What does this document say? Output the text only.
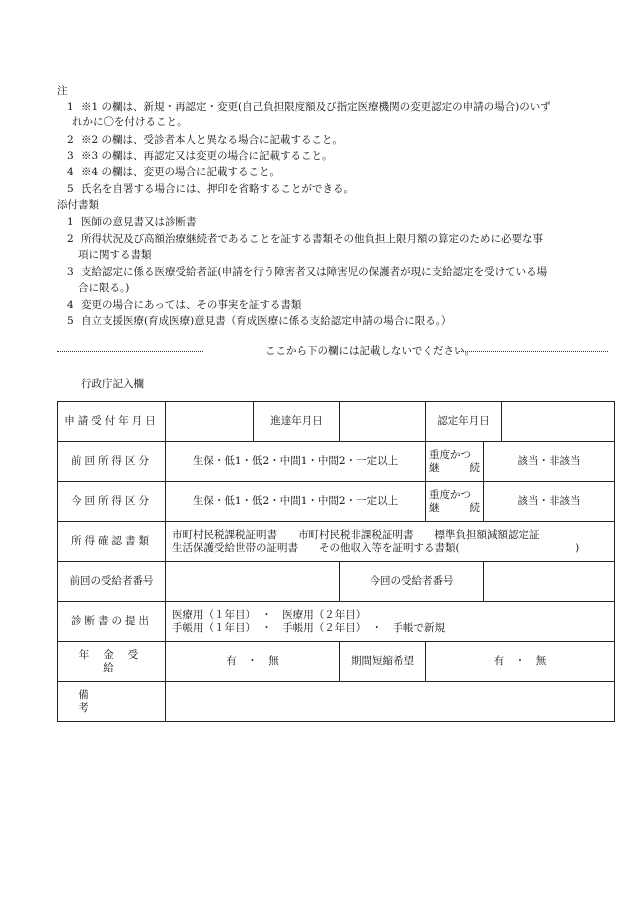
注
1 ※1 の欄は、新規・再認定・変更(自己負担限度額及び指定医療機関の変更認定の申請の場合)のいず
れかに〇を付けること。
2 ※2 の欄は、受診者本人と異なる場合に記載すること。
3 ※3 の欄は、再認定又は変更の場合に記載すること。
4 ※4 の欄は、変更の場合に記載すること。
5 氏名を自署する場合には、押印を省略することができる。
添付書類
1 医師の意見書又は診断書
2 所得状況及び高額治療継続者であることを証する書類その他負担上限月額の算定のために必要な事
項に関する書類
3 支給認定に係る医療受給者証(申請を行う障害者又は障害児の保護者が現に支給認定を受けている場
合に限る。)
4 変更の場合にあっては、その事実を証する書類
5 自立支援医療(育成医療)意見書（育成医療に係る支給認定申請の場合に限る。）
ここから下の欄には記載しないでください。
行政庁記入欄
申請受付年月日		進達年月日		認定年月日		
前回所得区分	生保・低1・低2・中間1・中間2・一定以上			重度かつ
継続	該当・非該当	
今回所得区分	生保・低1・低2・中間1・中間2・一定以上			重度かつ
継続	該当・非該当	
所得確認書類	市町村民税課税証明書　　市町村民税非課税証明書　　標準負担額減額認定証
生活保護受給世帯の証明書　　その他収入等を証明する書類(　　　　　　　　　　　)					

前回の受給者番号			今回の受給者番号			
診断書の提出	医療用（１年目）　・　医療用（２年目）
手帳用（１年目）　・　手帳用（２年目）　・　手帳で新規					

年金受給	有　・　無		期間短縮希望	有　・　無		
備考						
